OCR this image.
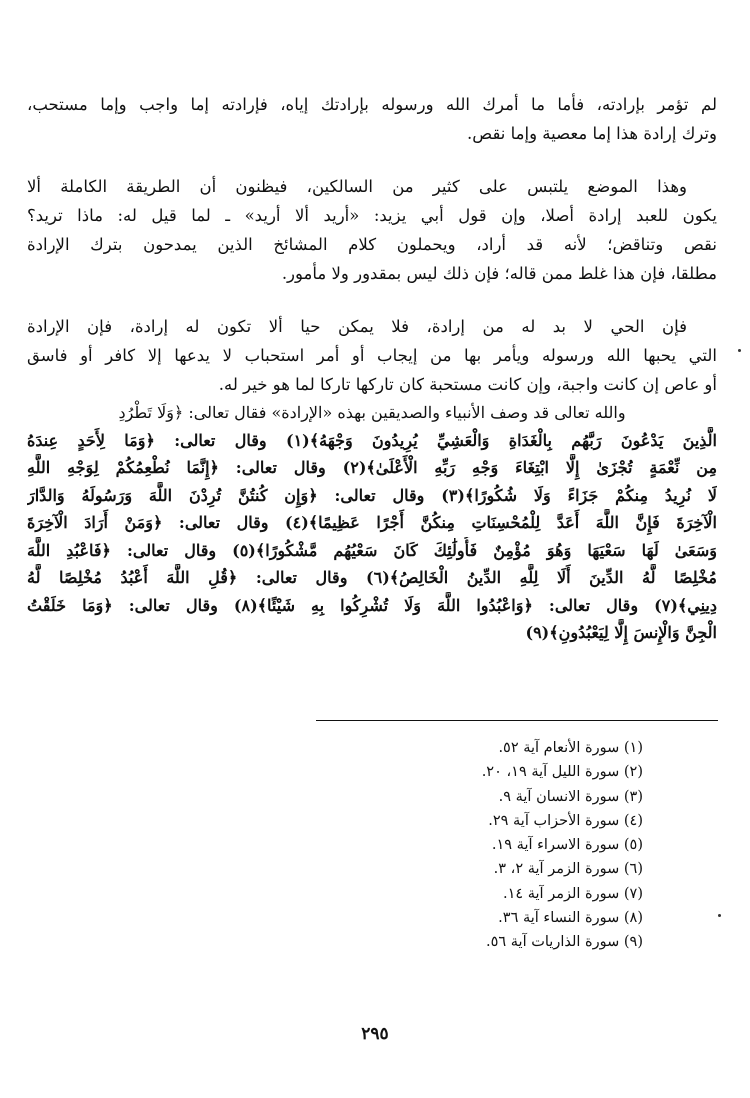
لم تؤمر بإرادته، فأما ما أمرك الله ورسوله بإرادتك إياه، فإرادته إما واجب وإما مستحب،
وترك إرادة هذا إما معصية وإما نقص.
وهذا الموضع يلتبس على كثير من السالكين، فيظنون أن الطريقة الكاملة ألا
يكون للعبد إرادة أصلا، وإن قول أبي يزيد: «أريد ألا أريد» ـ لما قيل له: ماذا تريد؟
نقص وتناقض؛ لأنه قد أراد، ويحملون كلام المشائخ الذين يمدحون بترك الإرادة
مطلقا، فإن هذا غلط ممن قاله؛ فإن ذلك ليس بمقدور ولا مأمور.
فإن الحي لا بد له من إرادة، فلا يمكن حيا ألا تكون له إرادة، فإن الإرادة
التي يحبها الله ورسوله ويأمر بها من إيجاب أو أمر استحباب لا يدعها إلا كافر أو فاسق
أو عاص إن كانت واجبة، وإن كانت مستحبة كان تاركها تاركا لما هو خير له.
والله تعالى قد وصف الأنبياء والصديقين بهذه «الإرادة» فقال تعالى: ﴿وَلَا تَطْرُدِ
الَّذِينَ يَدْعُونَ رَبَّهُم بِالْغَدَاةِ وَالْعَشِيِّ يُرِيدُونَ وَجْهَهُ﴾(١) وقال تعالى: ﴿وَمَا لِأَحَدٍ عِندَهُ
مِن نِّعْمَةٍ تُجْزَىٰ إِلَّا ابْتِغَاءَ وَجْهِ رَبِّهِ الْأَعْلَىٰ﴾(٢) وقال تعالى: ﴿إِنَّمَا نُطْعِمُكُمْ لِوَجْهِ اللَّهِ
لَا نُرِيدُ مِنكُمْ جَزَاءً وَلَا شُكُورًا﴾(٣) وقال تعالى: ﴿وَإِن كُنتُنَّ تُرِدْنَ اللَّهَ وَرَسُولَهُ وَالدَّارَ
الْآخِرَةَ فَإِنَّ اللَّهَ أَعَدَّ لِلْمُحْسِنَاتِ مِنكُنَّ أَجْرًا عَظِيمًا﴾(٤) وقال تعالى: ﴿وَمَنْ أَرَادَ الْآخِرَةَ
وَسَعَىٰ لَهَا سَعْيَهَا وَهُوَ مُؤْمِنٌ فَأُولَٰئِكَ كَانَ سَعْيُهُم مَّشْكُورًا﴾(٥) وقال تعالى: ﴿فَاعْبُدِ اللَّهَ
مُخْلِصًا لَّهُ الدِّينَ أَلَا لِلَّهِ الدِّينُ الْخَالِصُ﴾(٦) وقال تعالى: ﴿قُلِ اللَّهَ أَعْبُدُ مُخْلِصًا لَّهُ
دِينِي﴾(٧) وقال تعالى: ﴿وَاعْبُدُوا اللَّهَ وَلَا تُشْرِكُوا بِهِ شَيْئًا﴾(٨) وقال تعالى: ﴿وَمَا خَلَقْتُ
الْجِنَّ وَالْإِنسَ إِلَّا لِيَعْبُدُونِ﴾(٩)
(١) سورة الأنعام آية ٥٢.
(٢) سورة الليل آية ١٩، ٢٠.
(٣) سورة الانسان آية ٩.
(٤) سورة الأحزاب آية ٢٩.
(٥) سورة الاسراء آية ١٩.
(٦) سورة الزمر آية ٢، ٣.
(٧) سورة الزمر آية ١٤.
(٨) سورة النساء آية ٣٦.
(٩) سورة الذاريات آية ٥٦.
٢٩٥
